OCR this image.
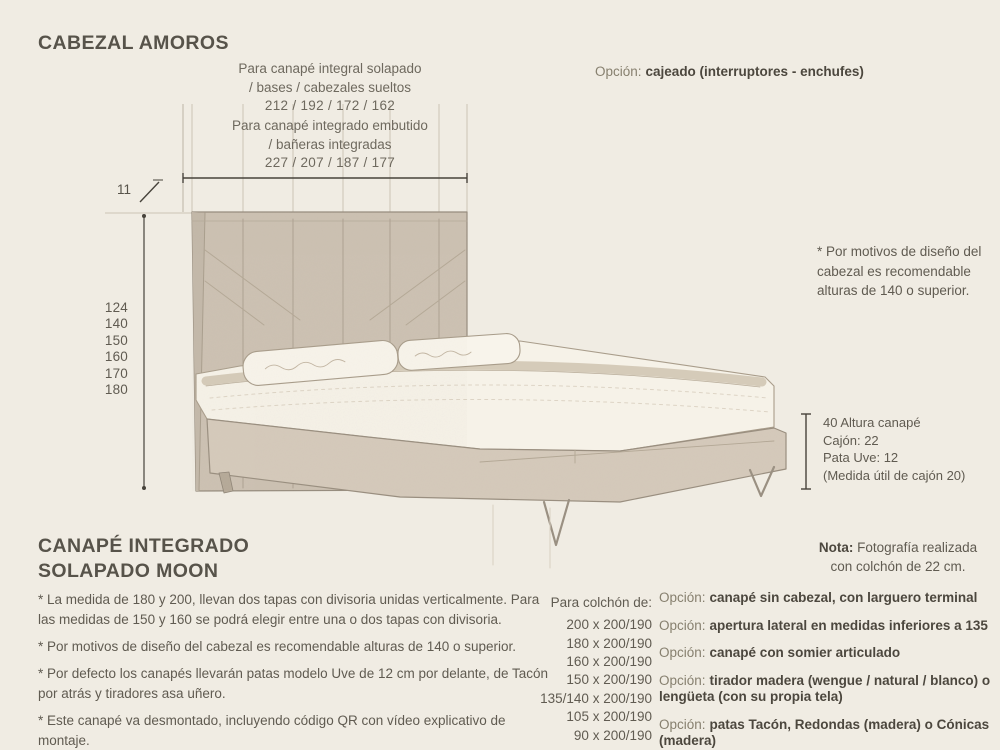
CABEZAL AMOROS
Para canapé integral solapado
/ bases / cabezales sueltos
212 / 192 / 172 / 162
Para canapé integrado embutido
/ bañeras integradas
227 / 207 / 187 / 177
Opción: cajeado (interruptores - enchufes)
11
124
140
150
160
170
180
* Por motivos de diseño del
cabezal es recomendable
alturas de 140 o superior.
40 Altura canapé
Cajón: 22
Pata Uve: 12
(Medida útil de cajón 20)
Nota: Fotografía realizada con colchón de 22 cm.
CANAPÉ INTEGRADO
SOLAPADO MOON

* La medida de 180 y 200, llevan dos tapas con divisoria unidas verticalmente. Para las medidas de 150 y 160 se podrá elegir entre una o dos tapas con divisoria.

* Por motivos de diseño del cabezal es recomendable alturas de 140 o superior.

* Por defecto los canapés llevarán patas modelo Uve de 12 cm por delante, de Tacón por atrás y tiradores asa uñero.

* Este canapé va desmontado, incluyendo código QR con vídeo explicativo de montaje.

Para colchón de:
200 x 200/190
180 x 200/190
160 x 200/190
150 x 200/190
135/140 x 200/190
105 x 200/190
90 x 200/190
Opción: canapé sin cabezal, con larguero terminal
Opción: apertura lateral en medidas inferiores a 135
Opción: canapé con somier articulado
Opción: tirador madera (wengue / natural / blanco) o lengüeta (con su propia tela)
Opción: patas Tacón, Redondas (madera) o Cónicas (madera)
